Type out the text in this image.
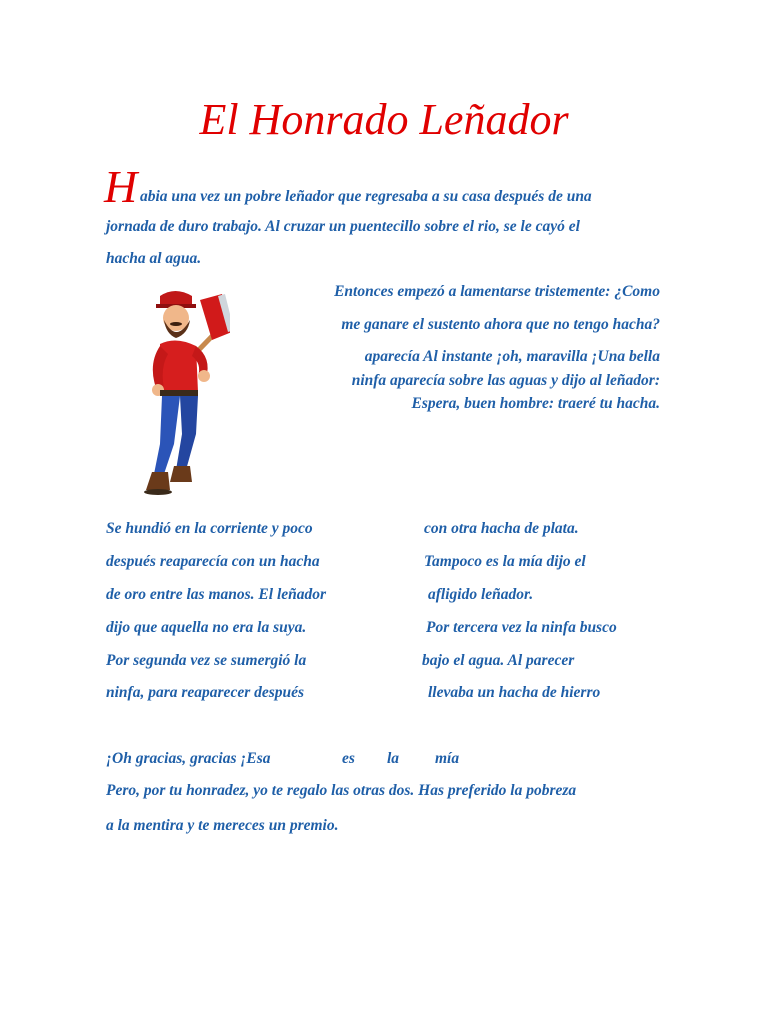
El Honrado Leñador
H abia una vez un pobre leñador que regresaba a su casa después de una
jornada de duro trabajo. Al cruzar un puentecillo sobre el rio, se le cayó el
hacha al agua.
Entonces empezó a lamentarse tristemente: ¿Como
me ganare el sustento ahora que no tengo hacha?
aparecía Al instante ¡oh, maravilla ¡Una bella
ninfa aparecía sobre las aguas y dijo al leñador:
Espera, buen hombre: traeré tu hacha.
Se hundió en la corriente y poco
después reaparecía con un hacha
de oro entre las manos. El leñador
dijo que aquella no era la suya.
Por segunda vez se sumergió la
ninfa, para reaparecer después
con otra hacha de plata.
Tampoco es la mía dijo el
afligido leñador.
Por tercera vez la ninfa busco
bajo el agua. Al parecer
llevaba un hacha de hierro
¡Oh gracias, gracias ¡Esa	es la mía
Pero, por tu honradez, yo te regalo las otras dos. Has preferido la pobreza
a la mentira y te mereces un premio.
